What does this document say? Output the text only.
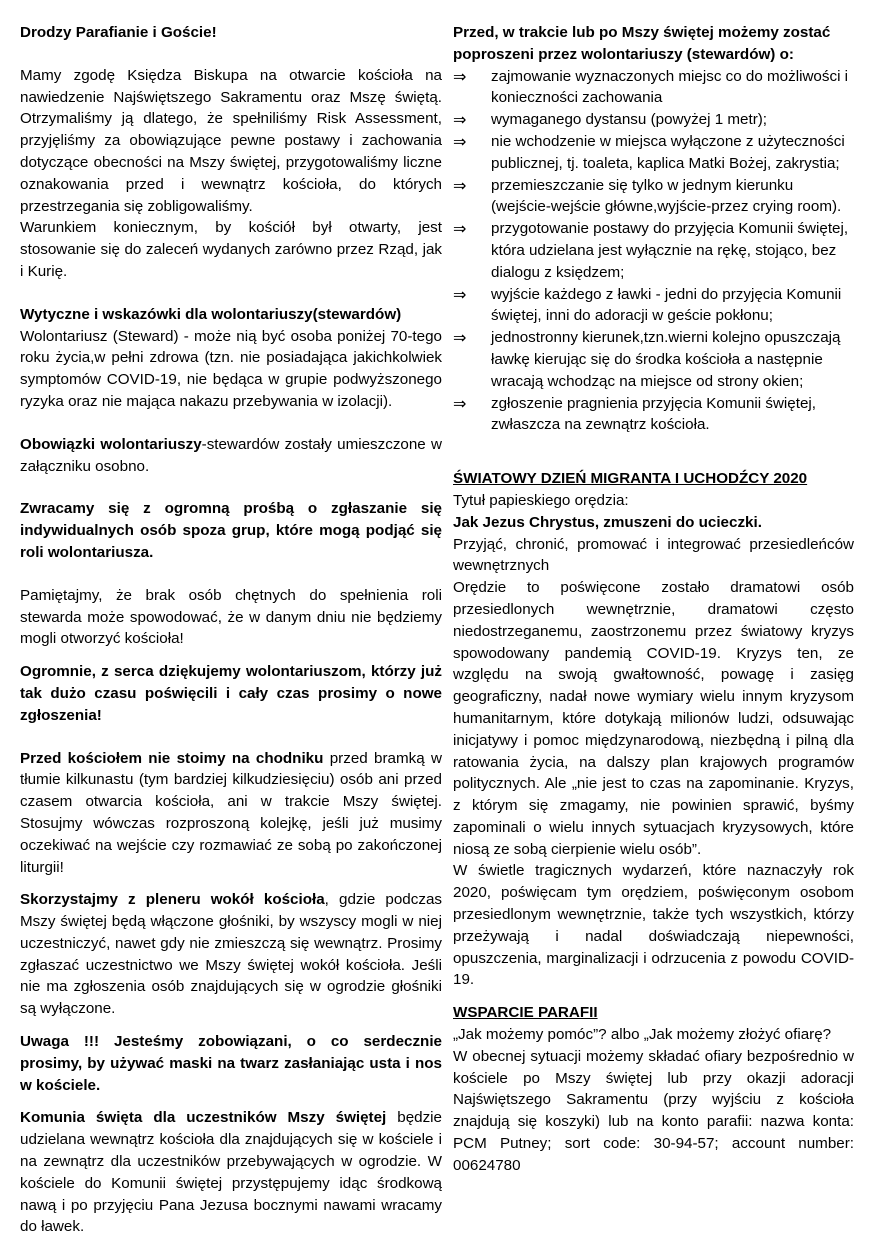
Drodzy Parafianie i Goście!

Mamy zgodę Księdza Biskupa na otwarcie kościoła na nawiedzenie Najświętszego Sakramentu oraz Mszę świętą. Otrzymaliśmy ją dlatego, że spełniliśmy Risk Assessment, przyjęliśmy za obowiązujące pewne postawy i zachowania dotyczące obecności na Mszy świętej, przygotowaliśmy liczne oznakowania przed i wewnątrz kościoła, do których przestrzegania się zobligowaliśmy.

Warunkiem koniecznym, by kościół był otwarty, jest stosowanie się do zaleceń wydanych zarówno przez Rząd, jak i Kurię.

Wytyczne i wskazówki dla wolontariuszy(stewardów)

Wolontariusz (Steward) - może nią być osoba poniżej 70-tego roku życia,w pełni zdrowa (tzn. nie posiadająca jakichkolwiek symptomów COVID-19, nie będąca w grupie podwyższonego ryzyka oraz nie mająca nakazu przebywania w izolacji).

Obowiązki wolontariuszy-stewardów zostały umieszczone w załączniku osobno.

Zwracamy się z ogromną prośbą o zgłaszanie się indywidualnych osób spoza grup, które mogą podjąć się roli wolontariusza.

Pamiętajmy, że brak osób chętnych do spełnienia roli stewarda może spowodować, że w danym dniu nie będziemy mogli otworzyć kościoła!

Ogromnie, z serca dziękujemy wolontariuszom, którzy już tak dużo czasu poświęcili i cały czas prosimy o nowe zgłoszenia!

Przed kościołem nie stoimy na chodniku przed bramką w tłumie kilkunastu (tym bardziej kilkudziesięciu) osób ani przed czasem otwarcia kościoła, ani w trakcie Mszy świętej. Stosujmy wówczas rozproszoną kolejkę, jeśli już musimy oczekiwać na wejście czy rozmawiać ze sobą po zakończonej liturgii!

Skorzystajmy z pleneru wokół kościoła, gdzie podczas Mszy świętej będą włączone głośniki, by wszyscy mogli w niej uczestniczyć, nawet gdy nie zmieszczą się wewnątrz. Prosimy zgłaszać uczestnictwo we Mszy świętej wokół kościoła. Jeśli nie ma zgłoszenia osób znajdujących się w ogrodzie głośniki są wyłączone.

Uwaga !!! Jesteśmy zobowiązani, o co serdecznie prosimy, by używać maski na twarz zasłaniając usta i nos w kościele.

Komunia święta dla uczestników Mszy świętej będzie udzielana wewnątrz kościoła dla znajdujących się w kościele i na zewnątrz dla uczestników przebywających w ogrodzie. W kościele do Komunii świętej przystępujemy idąc środkową nawą i po przyjęciu Pana Jezusa bocznymi nawami wracamy do ławek.

Przed, w trakcie lub po Mszy świętej możemy zostać poproszeni przez wolontariuszy (stewardów) o:

⇒ zajmowanie wyznaczonych miejsc co do możliwości i konieczności zachowania
⇒ wymaganego dystansu (powyżej 1 metr);
⇒ nie wchodzenie w miejsca wyłączone z użyteczności publicznej, tj. toaleta, kaplica Matki Bożej, zakrystia;
⇒ przemieszczanie się tylko w jednym kierunku (wejście-wejście główne,wyjście-przez crying room).
⇒ przygotowanie postawy do przyjęcia Komunii świętej, która udzielana jest wyłącznie na rękę, stojąco, bez dialogu z księdzem;
⇒ wyjście każdego z ławki - jedni do przyjęcia Komunii świętej, inni do adoracji w geście pokłonu;
⇒ jednostronny kierunek,tzn.wierni kolejno opuszczają ławkę kierując się do środka kościoła a następnie wracają wchodząc na miejsce od strony okien;
⇒ zgłoszenie pragnienia przyjęcia Komunii świętej, zwłaszcza na zewnątrz kościoła.

ŚWIATOWY DZIEŃ MIGRANTA I UCHODŹCY 2020

Tytuł papieskiego orędzia:

Jak Jezus Chrystus, zmuszeni do ucieczki.

Przyjąć, chronić, promować i integrować przesiedleńców wewnętrznych

Orędzie to poświęcone zostało dramatowi osób przesiedlonych wewnętrznie, dramatowi często niedostrzeganemu, zaostrzonemu przez światowy kryzys spowodowany pandemią COVID-19. Kryzys ten, ze względu na swoją gwałtowność, powagę i zasięg geograficzny, nadał nowe wymiary wielu innym kryzysom humanitarnym, które dotykają milionów ludzi, odsuwając inicjatywy i pomoc międzynarodową, niezbędną i pilną dla ratowania życia, na dalszy plan krajowych programów politycznych. Ale „nie jest to czas na zapominanie. Kryzys, z którym się zmagamy, nie powinien sprawić, byśmy zapominali o wielu innych sytuacjach kryzysowych, które niosą ze sobą cierpienie wielu osób”.

W świetle tragicznych wydarzeń, które naznaczyły rok 2020, poświęcam tym orędziem, poświęconym osobom przesiedlonym wewnętrznie, także tych wszystkich, którzy przeżywają i nadal doświadczają niepewności, opuszczenia, marginalizacji i odrzucenia z powodu COVID-19.

WSPARCIE PARAFII

„Jak możemy pomóc”? albo „Jak możemy złożyć ofiarę?

W obecnej sytuacji możemy składać ofiary bezpośrednio w kościele po Mszy świętej lub przy okazji adoracji Najświętszego Sakramentu (przy wyjściu z kościoła znajdują się koszyki) lub na konto parafii: nazwa konta: PCM Putney; sort code: 30-94-57; account number: 00624780
